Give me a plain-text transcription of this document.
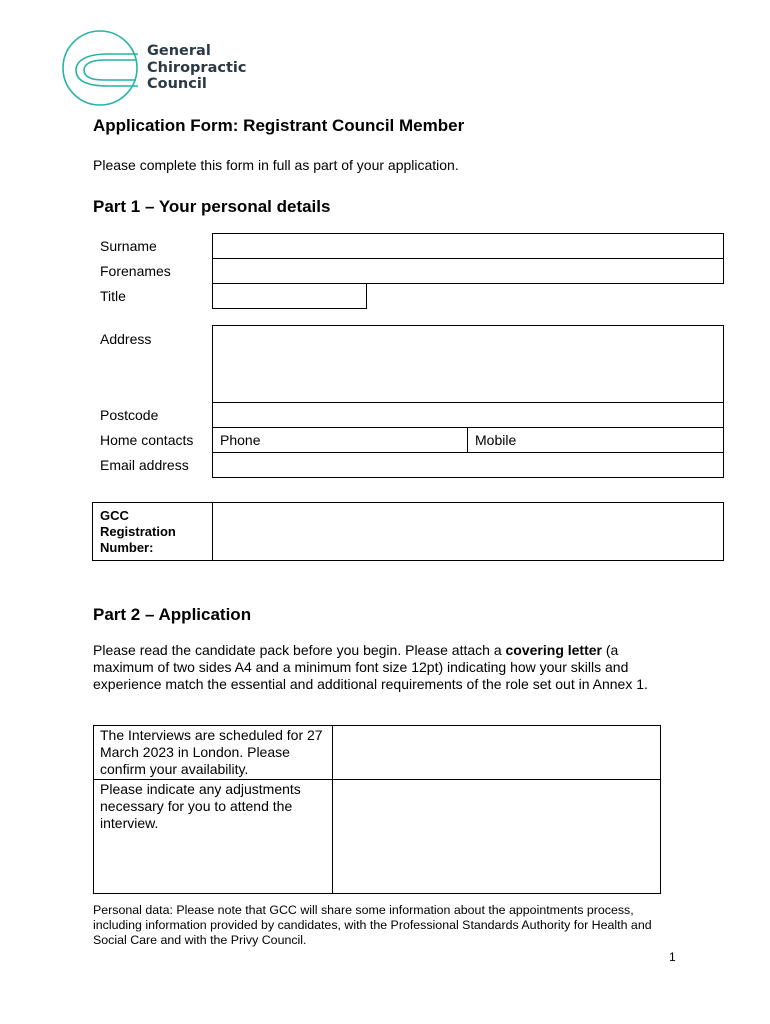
General
Chiropractic
Council
Application Form: Registrant Council Member
Please complete this form in full as part of your application.
Part 1 – Your personal details
Surname
Forenames
Title
Address
Postcode
Home contacts Phone	Mobile
Email address
GCC
Registration
Number:
Part 2 – Application
Please read the candidate pack before you begin. Please attach a covering letter (a maximum of two sides A4 and a minimum font size 12pt) indicating how your skills and experience match the essential and additional requirements of the role set out in Annex 1.
The Interviews are scheduled for 27 March 2023 in London. Please confirm your availability.	
Please indicate any adjustments necessary for you to attend the interview.	
Personal data: Please note that GCC will share some information about the appointments process, including information provided by candidates, with the Professional Standards Authority for Health and Social Care and with the Privy Council.
1
